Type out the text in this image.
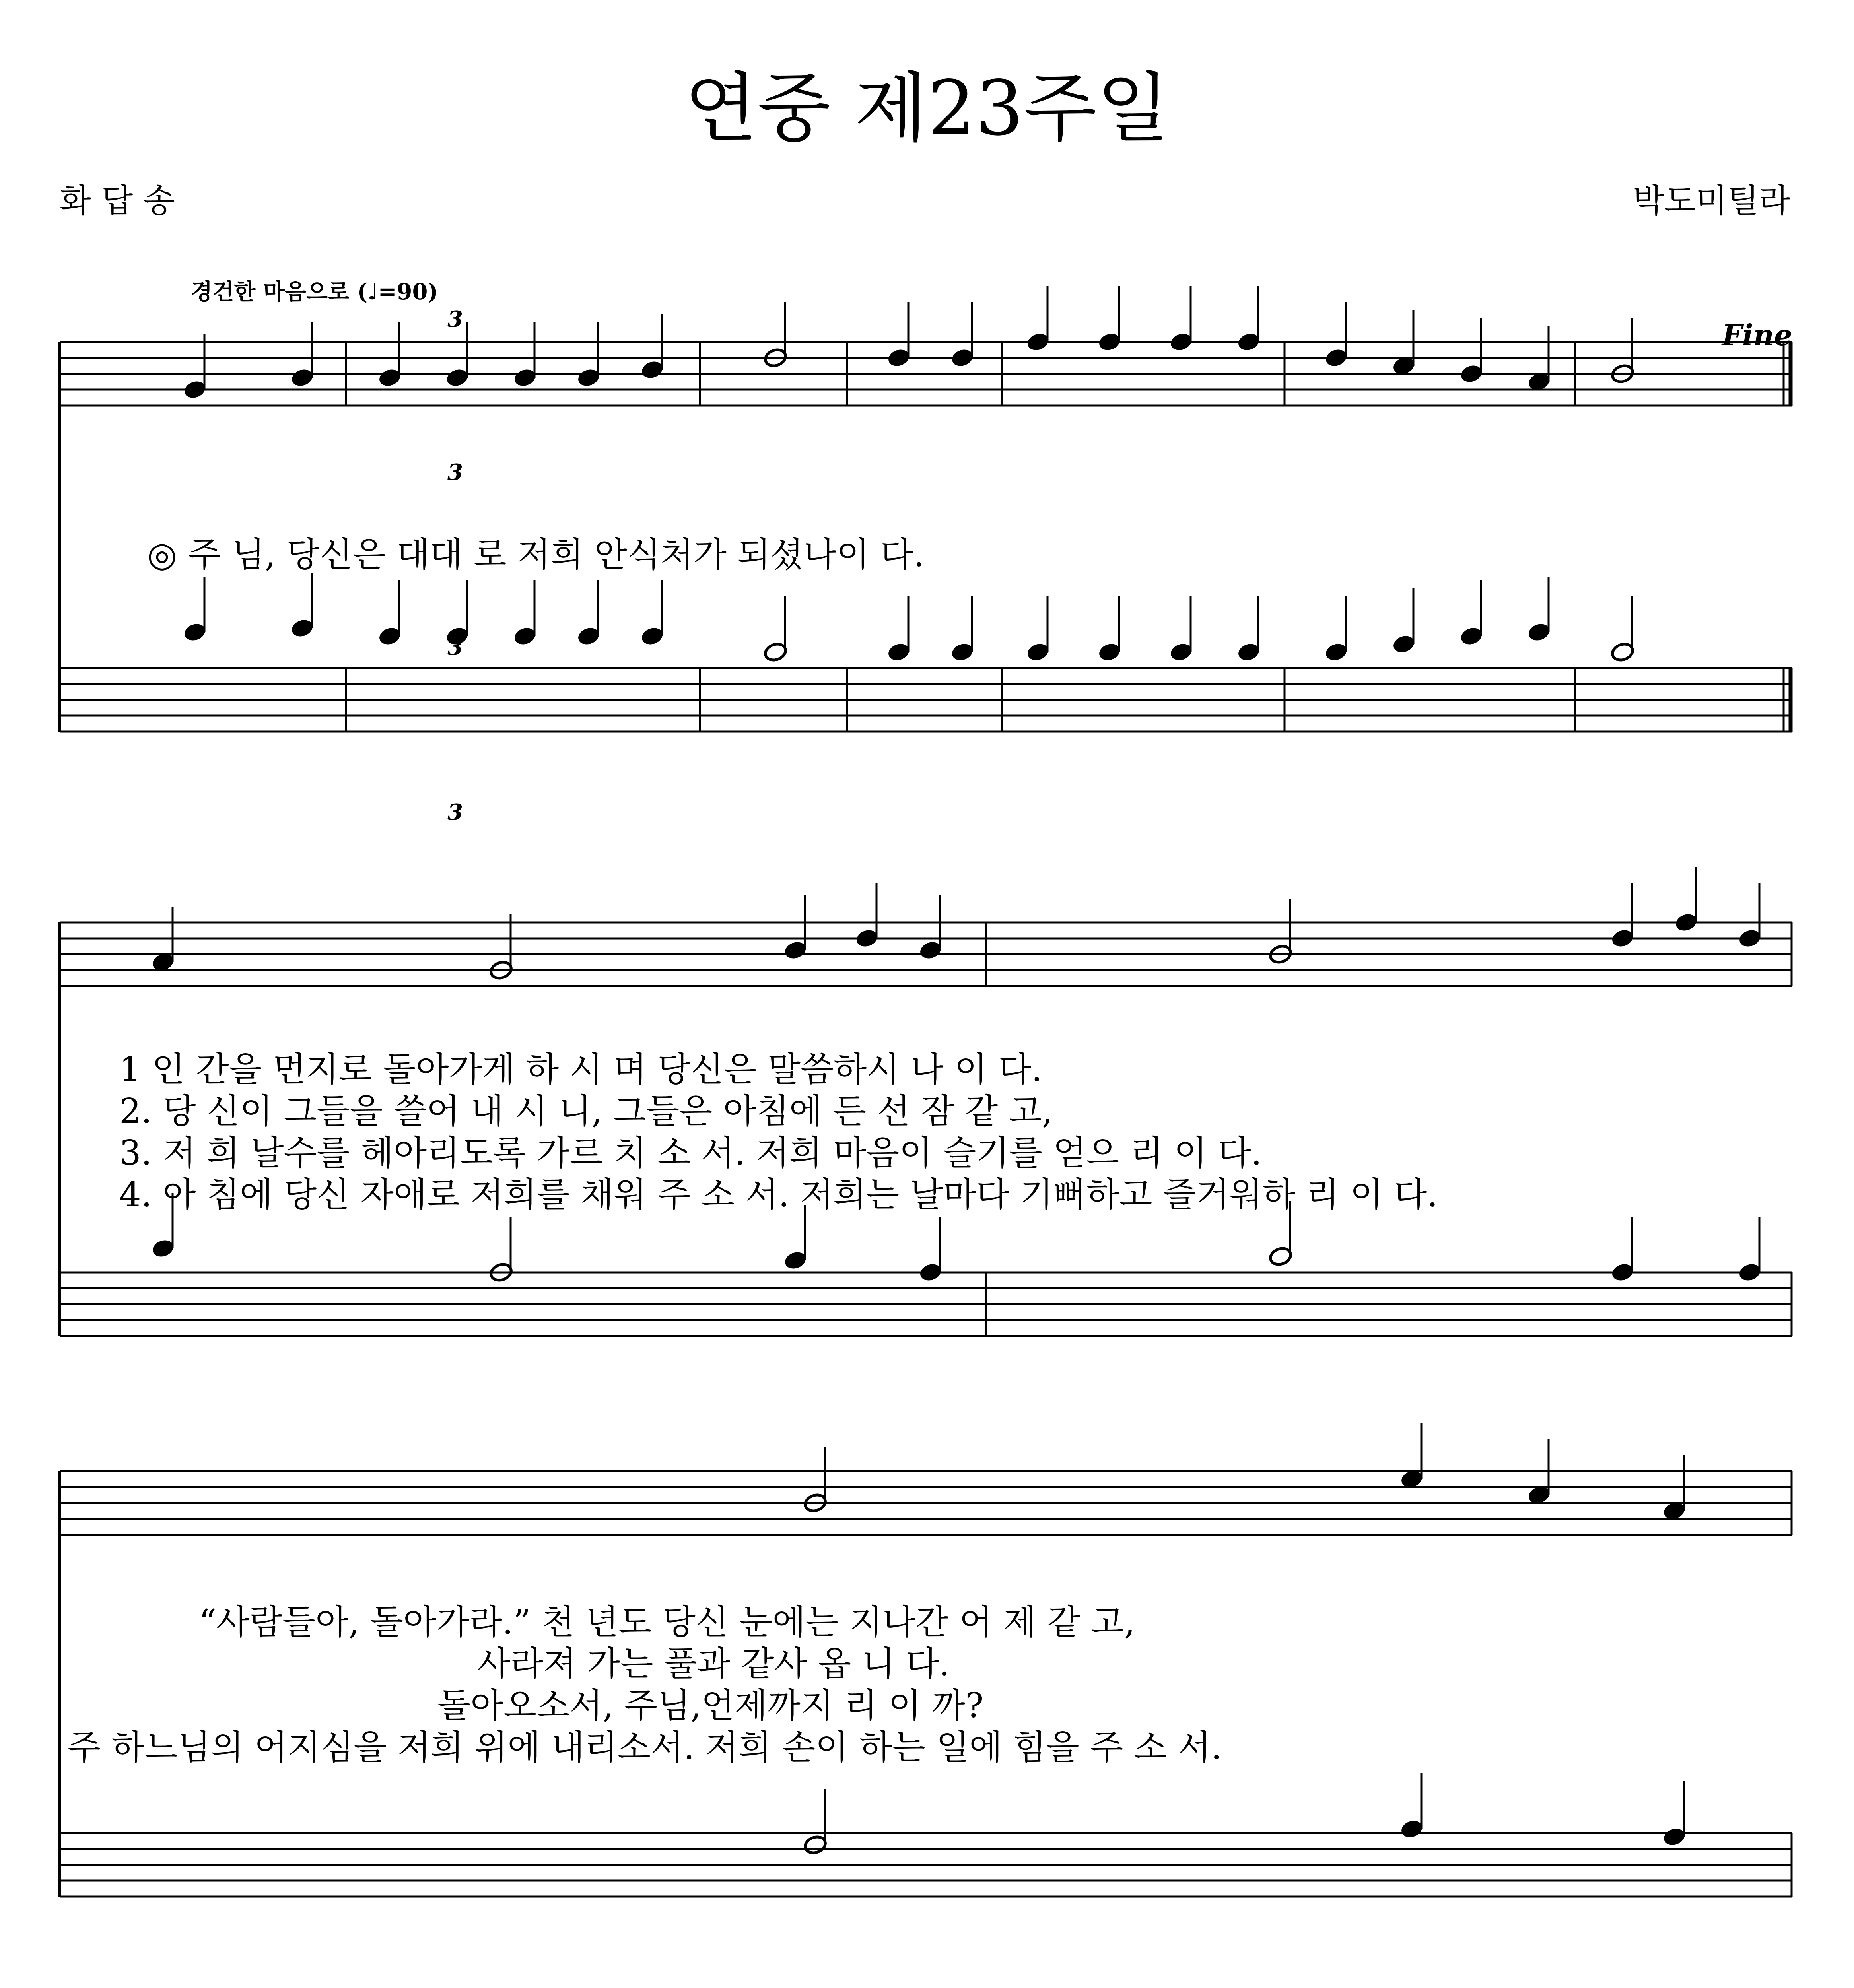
연중 제23주일
화 답 송	박도미틸라
경건한 마음으로 (♩=90)
Fine
3
3
3
3
◎ 주 님, 당신은 대대 로 저희 안식처가 되셨나이 다.
1 인 간을 먼지로 돌아가게 하 시 며 당신은 말씀하시 나 이 다.
2. 당 신이 그들을 쓸어 내 시 니, 그들은 아침에 든 선 잠 같 고,
3. 저 희 날수를 헤아리도록 가르 치 소 서. 저희 마음이 슬기를 얻으 리 이 다.
4. 아 침에 당신 자애로 저희를 채워 주 소 서. 저희는 날마다 기뻐하고 즐거워하 리 이 다.
“사람들아, 돌아가라.” 천 년도 당신 눈에는 지나간 어 제 같 고,
사라져 가는 풀과 같사 옵 니 다.
돌아오소서, 주님,언제까지 리 이 까?
주 하느님의 어지심을 저희 위에 내리소서. 저희 손이 하는 일에 힘을 주 소 서.
